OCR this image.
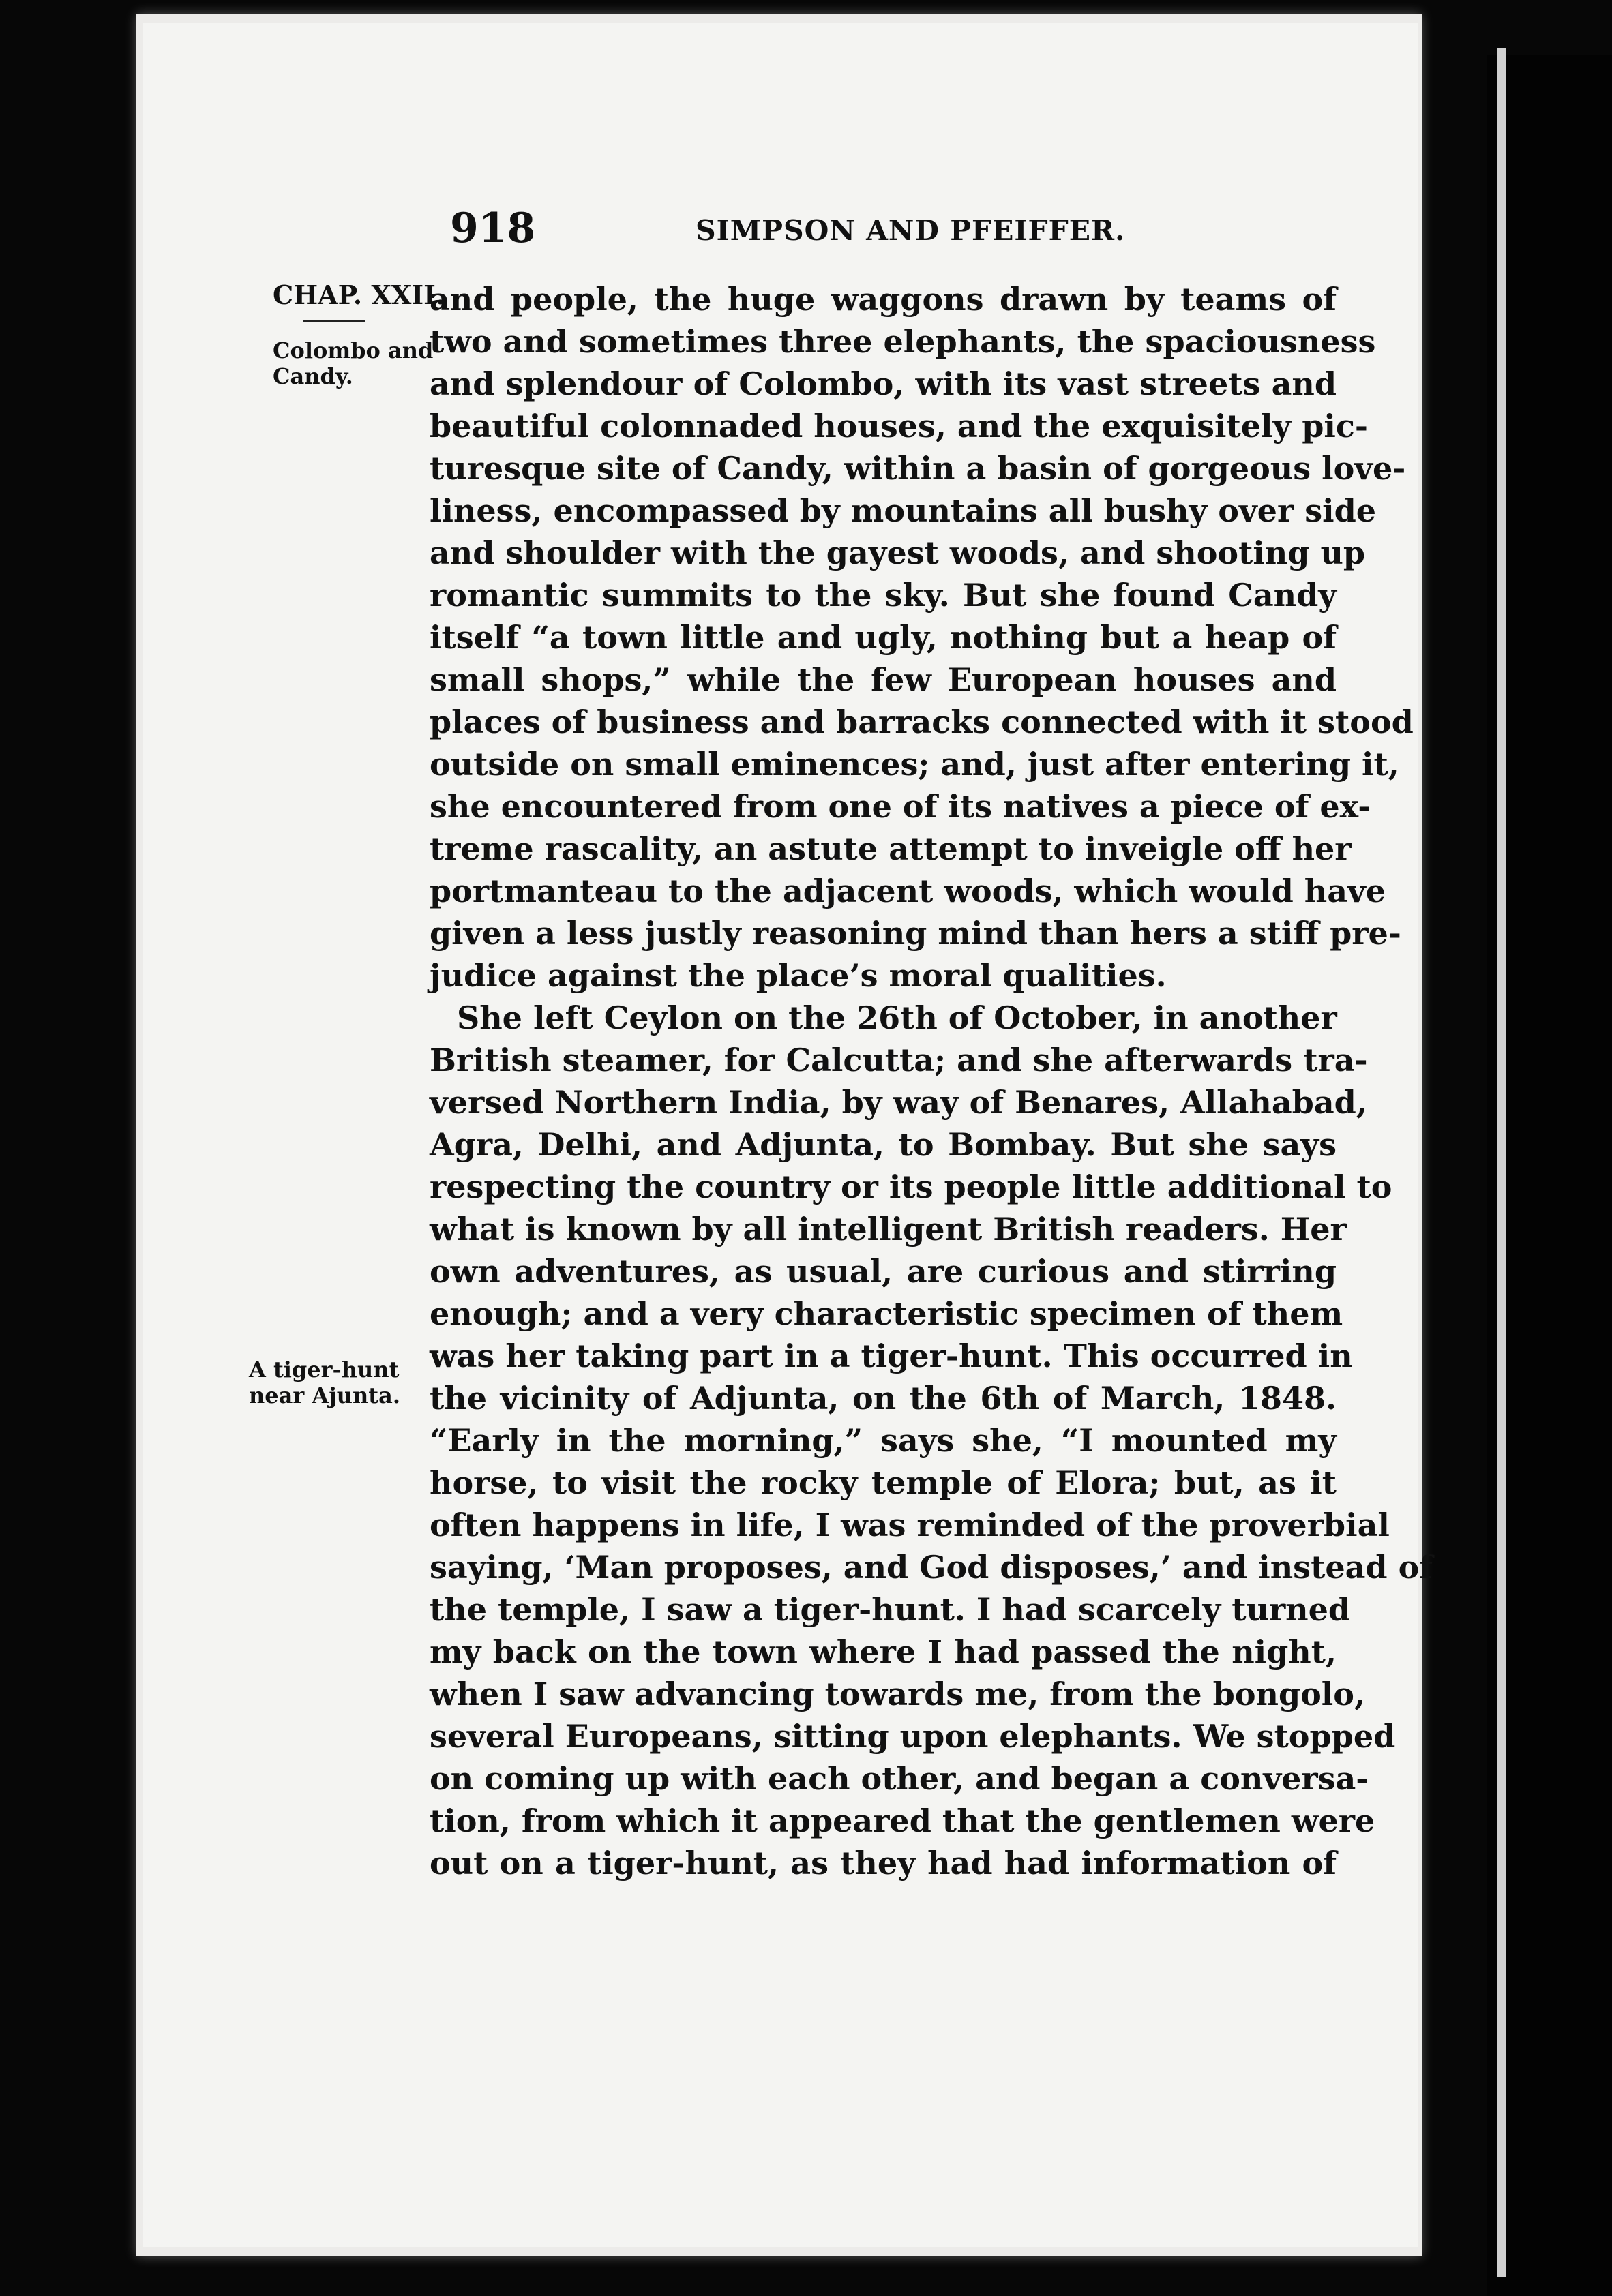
918	SIMPSON AND PFEIFFER.
CHAP. XXII.
Colombo and Candy.
A tiger-hunt near Ajunta.
and people, the huge waggons drawn by teams of
two and sometimes three elephants, the spaciousness
and splendour of Colombo, with its vast streets and
beautiful colonnaded houses, and the exquisitely pic-
turesque site of Candy, within a basin of gorgeous love-
liness, encompassed by mountains all bushy over side
and shoulder with the gayest woods, and shooting up
romantic summits to the sky. But she found Candy
itself “a town little and ugly, nothing but a heap of
small shops,” while the few European houses and
places of business and barracks connected with it stood
outside on small eminences; and, just after entering it,
she encountered from one of its natives a piece of ex-
treme rascality, an astute attempt to inveigle off her
portmanteau to the adjacent woods, which would have
given a less justly reasoning mind than hers a stiff pre-
judice against the place’s moral qualities.
She left Ceylon on the 26th of October, in another
British steamer, for Calcutta; and she afterwards tra-
versed Northern India, by way of Benares, Allahabad,
Agra, Delhi, and Adjunta, to Bombay. But she says
respecting the country or its people little additional to
what is known by all intelligent British readers. Her
own adventures, as usual, are curious and stirring
enough; and a very characteristic specimen of them
was her taking part in a tiger-hunt. This occurred in
the vicinity of Adjunta, on the 6th of March, 1848.
“Early in the morning,” says she, “I mounted my
horse, to visit the rocky temple of Elora; but, as it
often happens in life, I was reminded of the proverbial
saying, ‘Man proposes, and God disposes,’ and instead of
the temple, I saw a tiger-hunt. I had scarcely turned
my back on the town where I had passed the night,
when I saw advancing towards me, from the bongolo,
several Europeans, sitting upon elephants. We stopped
on coming up with each other, and began a conversa-
tion, from which it appeared that the gentlemen were
out on a tiger-hunt, as they had had information of
